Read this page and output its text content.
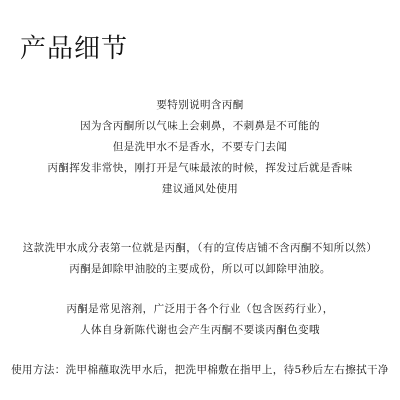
产品细节
要特别说明含丙酮
因为含丙酮所以气味上会刺鼻，不刺鼻是不可能的
但是洗甲水不是香水，不要专门去闻
丙酮挥发非常快，刚打开是气味最浓的时候，挥发过后就是香味
建议通风处使用
这款洗甲水成分表第一位就是丙酮，（有的宣传店铺不含丙酮不知所以然）
丙酮是卸除甲油胶的主要成份，所以可以卸除甲油胶。
丙酮是常见溶剂，广泛用于各个行业（包含医药行业），
人体自身新陈代谢也会产生丙酮不要谈丙酮色变哦
使用方法：洗甲棉蘸取洗甲水后，把洗甲棉敷在指甲上，待5秒后左右擦拭干净
